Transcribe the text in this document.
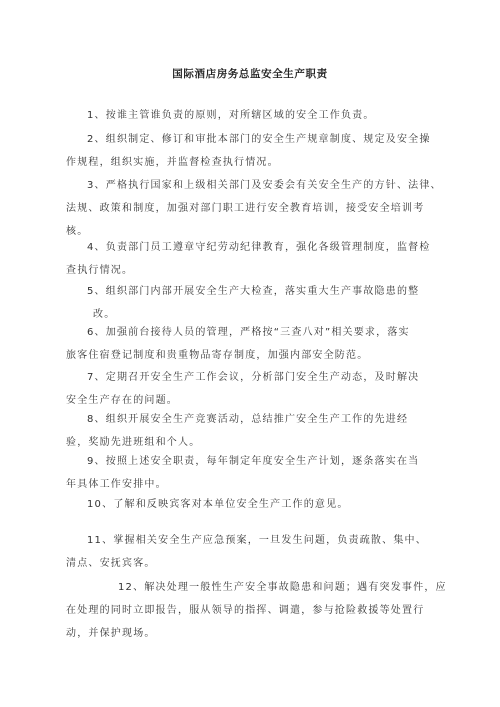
国际酒店房务总监安全生产职责

1、按谁主管谁负责的原则，对所辖区域的安全工作负责。

2、组织制定、修订和审批本部门的安全生产规章制度、规定及安全操
作规程，组织实施，并监督检查执行情况。

3、严格执行国家和上级相关部门及安委会有关安全生产的方针、法律、
法规、政策和制度，加强对部门职工进行安全教育培训，接受安全培训考
核。

4、负责部门员工遵章守纪劳动纪律教育，强化各级管理制度，监督检
查执行情况。

5、组织部门内部开展安全生产大检查，落实重大生产事故隐患的整
改。

6、加强前台接待人员的管理，严格按“三查八对”相关要求，落实
旅客住宿登记制度和贵重物品寄存制度，加强内部安全防范。

7、定期召开安全生产工作会议，分析部门安全生产动态，及时解决
安全生产存在的问题。

8、组织开展安全生产竞赛活动，总结推广安全生产工作的先进经
验，奖励先进班组和个人。

9、按照上述安全职责，每年制定年度安全生产计划，逐条落实在当
年具体工作安排中。

10、了解和反映宾客对本单位安全生产工作的意见。

11、掌握相关安全生产应急预案，一旦发生问题，负责疏散、集中、
清点、安抚宾客。

12、解决处理一般性生产安全事故隐患和问题；遇有突发事件，应
在处理的同时立即报告，服从领导的指挥、调遣，参与抢险救援等处置行
动，并保护现场。
